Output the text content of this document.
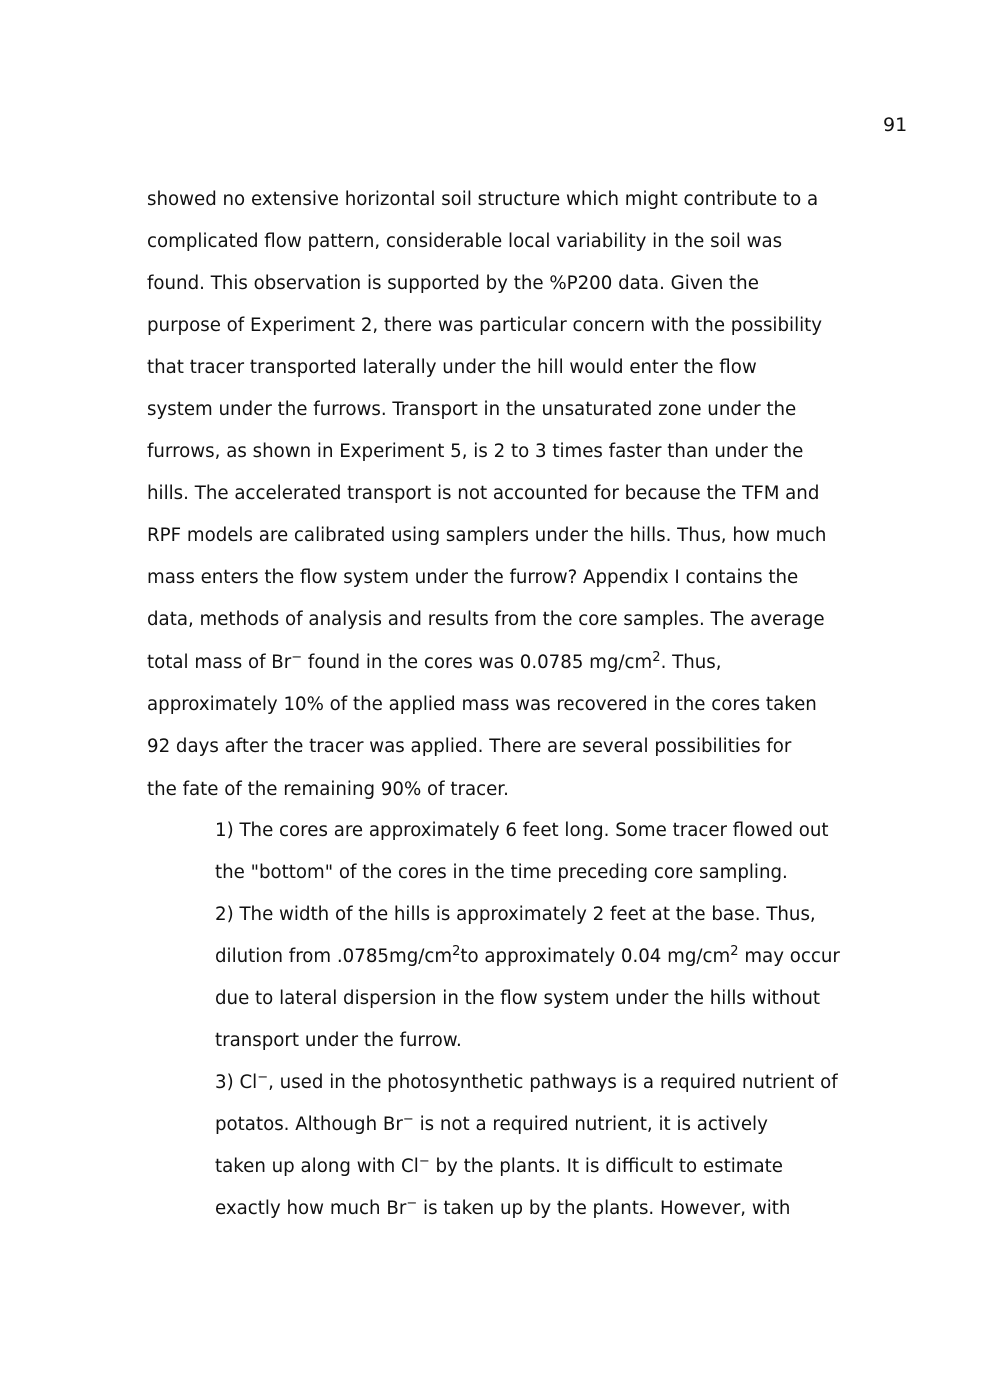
91
showed no extensive horizontal soil structure which might contribute to a
complicated flow pattern, considerable local variability in the soil was
found. This observation is supported by the %P200 data. Given the
purpose of Experiment 2, there was particular concern with the possibility
that tracer transported laterally under the hill would enter the flow
system under the furrows. Transport in the unsaturated zone under the
furrows, as shown in Experiment 5, is 2 to 3 times faster than under the
hills. The accelerated transport is not accounted for because the TFM and
RPF models are calibrated using samplers under the hills. Thus, how much
mass enters the flow system under the furrow? Appendix I contains the
data, methods of analysis and results from the core samples. The average
total mass of Br− found in the cores was 0.0785 $mg/cm^2$. Thus,
approximately 10% of the applied mass was recovered in the cores taken
92 days after the tracer was applied. There are several possibilities for
the fate of the remaining 90% of tracer.
1) The cores are approximately 6 feet long. Some tracer flowed out
the "bottom" of the cores in the time preceding core sampling.
2) The width of the hills is approximately 2 feet at the base. Thus,
dilution from $.0785mg/cm^2to$ approximately 0.04 $mg/cm^2$ may occur
due to lateral dispersion in the flow system under the hills without
transport under the furrow.
3) Cl−, used in the photosynthetic pathways is a required nutrient of
potatos. Although Br− is not a required nutrient, it is actively
taken up along with Cl− by the plants. It is difficult to estimate
exactly how much Br− is taken up by the plants. However, with
